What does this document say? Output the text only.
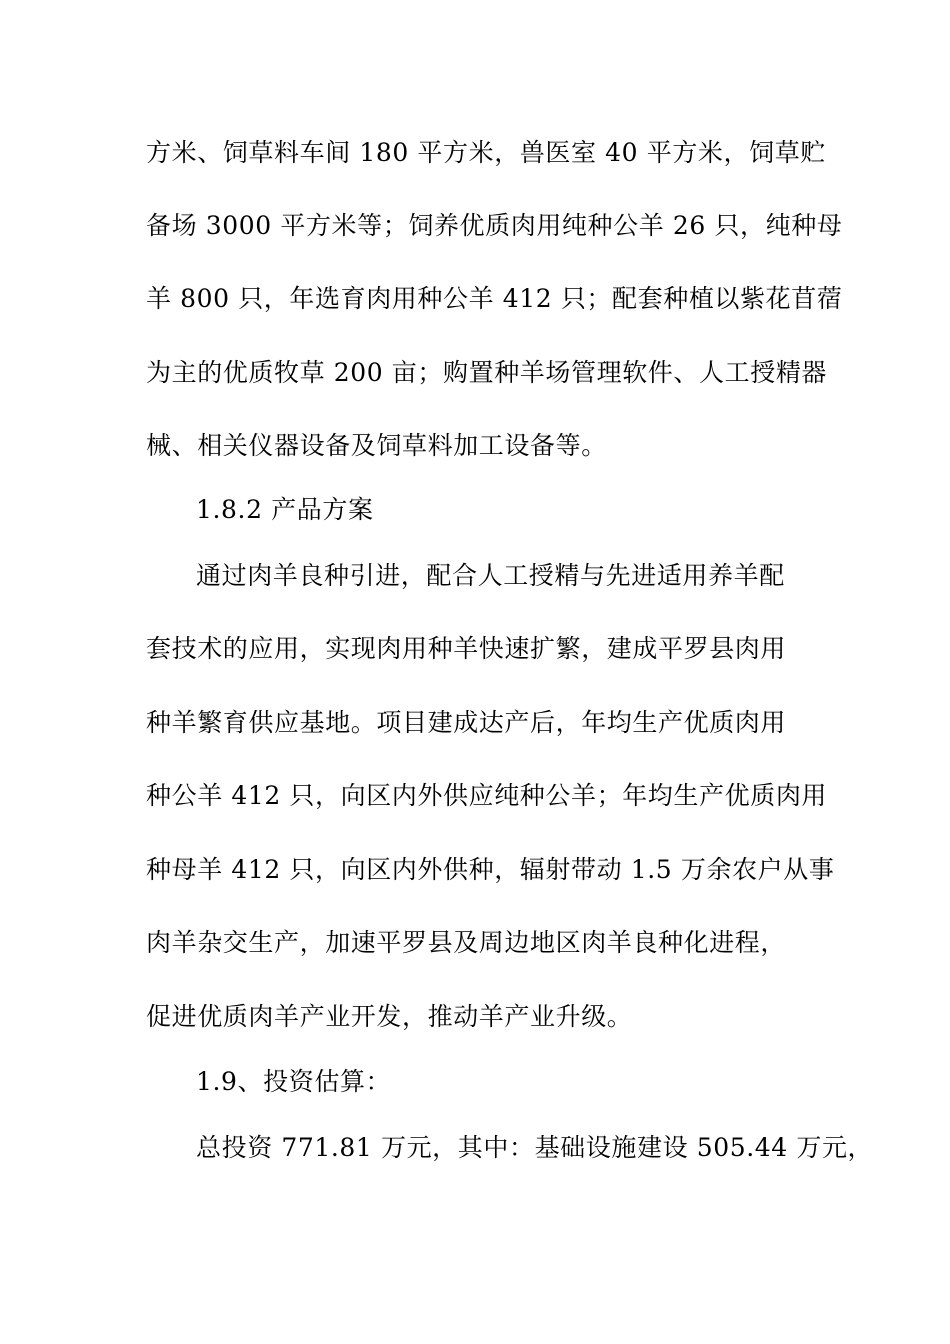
方米、饲草料车间 180 平方米，兽医室 40 平方米，饲草贮
备场 3000 平方米等；饲养优质肉用纯种公羊 26 只，纯种母
羊 800 只，年选育肉用种公羊 412 只；配套种植以紫花苜蓿
为主的优质牧草 200 亩；购置种羊场管理软件、人工授精器
械、相关仪器设备及饲草料加工设备等。
1.8.2 产品方案
通过肉羊良种引进，配合人工授精与先进适用养羊配
套技术的应用，实现肉用种羊快速扩繁，建成平罗县肉用
种羊繁育供应基地。项目建成达产后，年均生产优质肉用
种公羊 412 只，向区内外供应纯种公羊；年均生产优质肉用
种母羊 412 只，向区内外供种，辐射带动 1.5 万余农户从事
肉羊杂交生产，加速平罗县及周边地区肉羊良种化进程，
促进优质肉羊产业开发，推动羊产业升级。
1.9、投资估算：
总投资 771.81 万元，其中：基础设施建设 505.44 万元，
